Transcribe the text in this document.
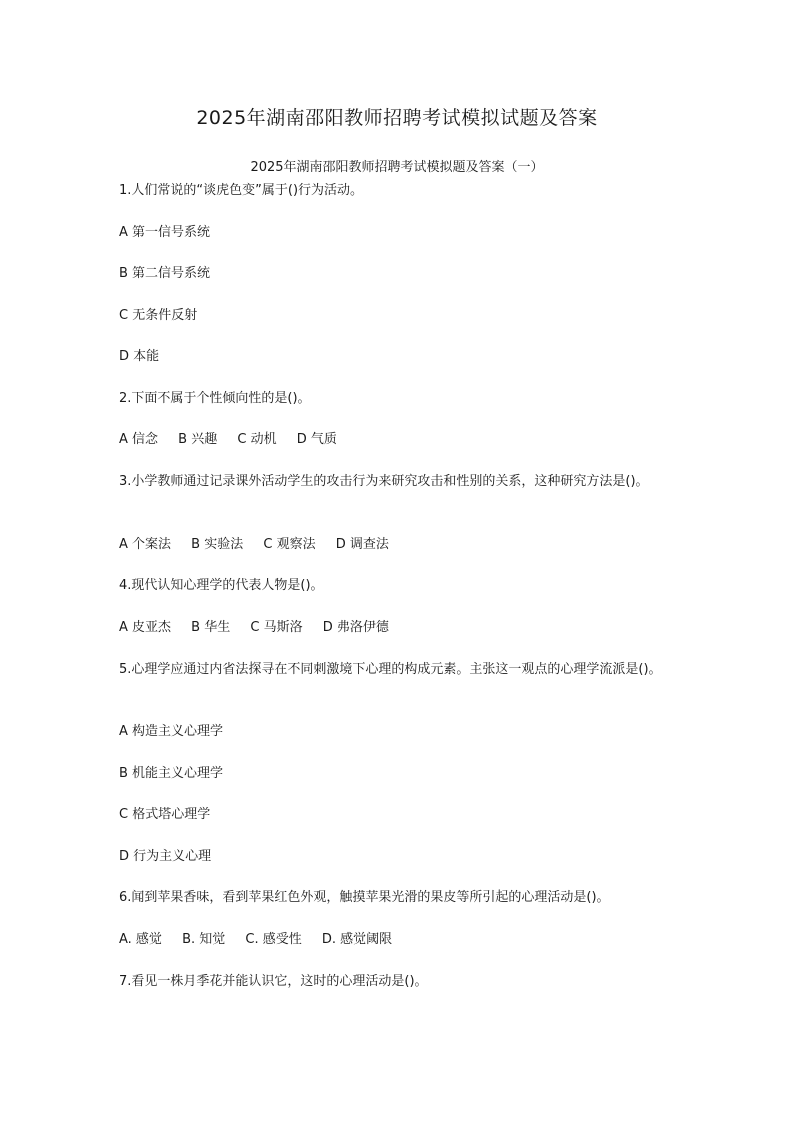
2025年湖南邵阳教师招聘考试模拟试题及答案
2025年湖南邵阳教师招聘考试模拟题及答案（一）
1.人们常说的“谈虎色变”属于()行为活动。
A 第一信号系统
B 第二信号系统
C 无条件反射
D 本能
2.下面不属于个性倾向性的是()。
A 信念 B 兴趣 C 动机 D 气质
3.小学教师通过记录课外活动学生的攻击行为来研究攻击和性别的关系，这种研究方法是()。
A 个案法 B 实验法 C 观察法 D 调查法
4.现代认知心理学的代表人物是()。
A 皮亚杰 B 华生 C 马斯洛 D 弗洛伊德
5.心理学应通过内省法探寻在不同刺激境下心理的构成元素。主张这一观点的心理学流派是()。
A 构造主义心理学
B 机能主义心理学
C 格式塔心理学
D 行为主义心理
6.闻到苹果香味，看到苹果红色外观，触摸苹果光滑的果皮等所引起的心理活动是()。
A. 感觉 B. 知觉 C. 感受性 D. 感觉阈限
7.看见一株月季花并能认识它，这时的心理活动是()。
